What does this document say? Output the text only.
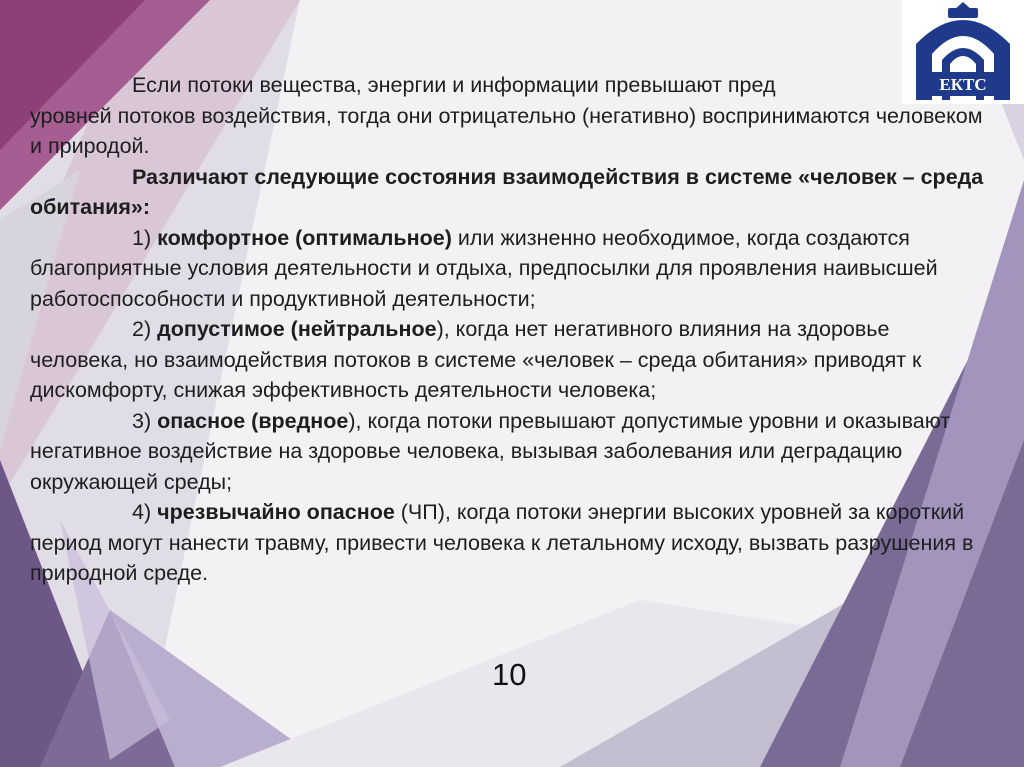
ЕКТС

Если потоки вещества, энергии и информации превышают пред

уровней потоков воздействия, тогда они отрицательно (негативно) воспринимаются человеком и природой.

Различают следующие состояния взаимодействия в системе «человек – среда обитания»:

1) комфортное (оптимальное) или жизненно необходимое, когда создаются благоприятные условия деятельности и отдыха, предпосылки для проявления наивысшей работоспособности и продуктивной деятельности;

2) допустимое (нейтральное), когда нет негативного влияния на здоровье человека, но взаимодействия потоков в системе «человек – среда обитания» приводят к дискомфорту, снижая эффективность деятельности человека;

3) опасное (вредное), когда потоки превышают допустимые уровни и оказывают негативное воздействие на здоровье человека, вызывая заболевания или деградацию окружающей среды;

4) чрезвычайно опасное (ЧП), когда потоки энергии высоких уровней за короткий период могут нанести травму, привести человека к летальному исходу, вызвать разрушения в природной среде.

10
